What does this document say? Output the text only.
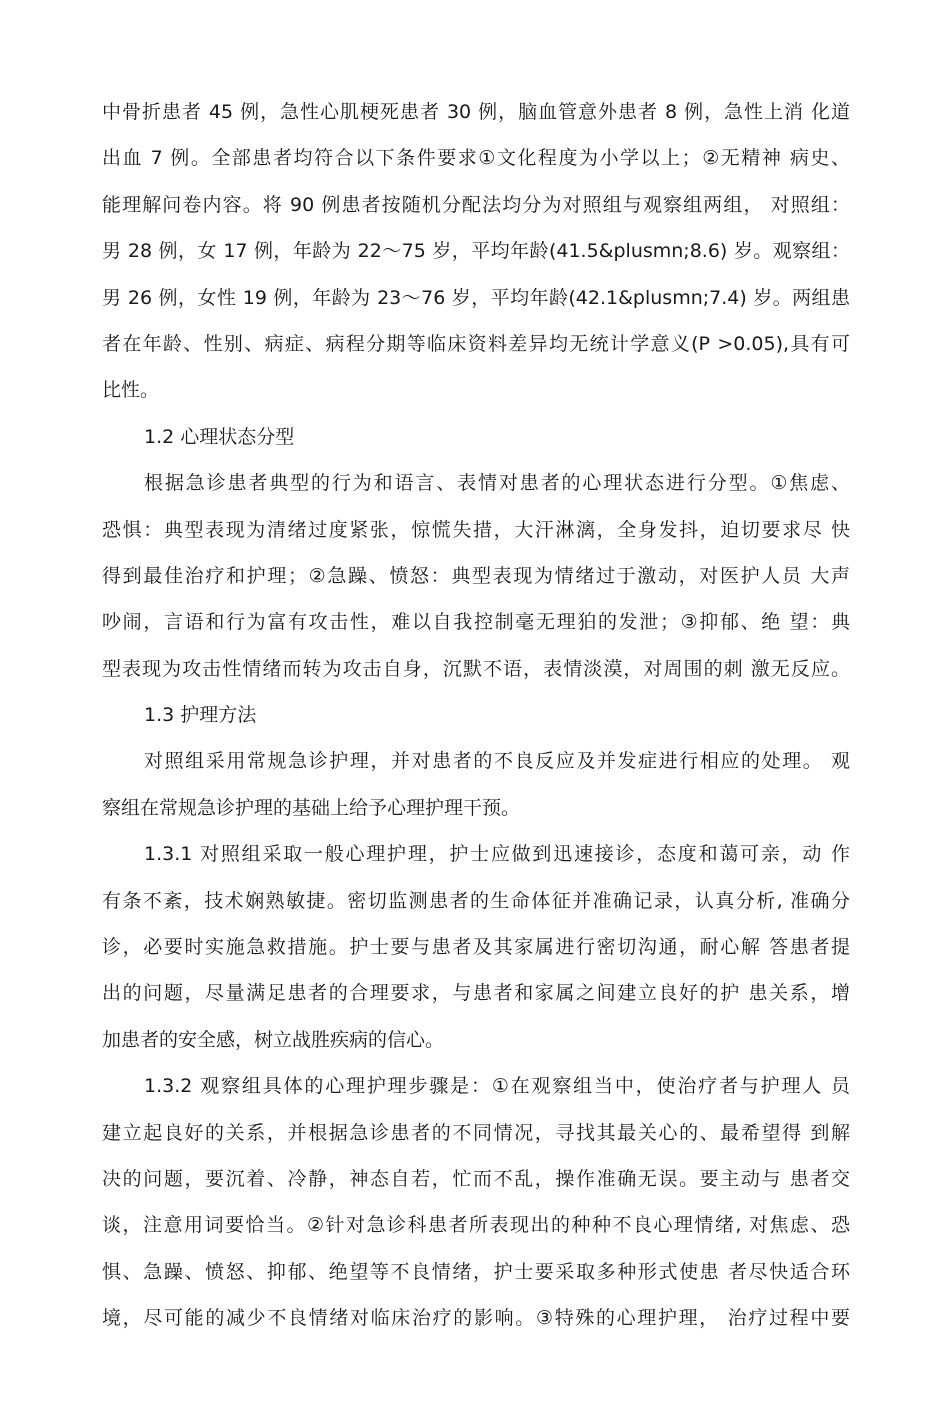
中骨折患者 45 例，急性心肌梗死患者 30 例，脑血管意外患者 8 例，急性上消 化道
出血 7 例。全部患者均符合以下条件要求①文化程度为小学以上；②无精神 病史、
能理解问卷内容。将 90 例患者按随机分配法均分为对照组与观察组两组， 对照组：
男 28 例，女 17 例，年龄为 22〜75 岁，平均年龄(41.5&plusmn;8.6) 岁。观察组：
男 26 例，女性 19 例，年龄为 23〜76 岁，平均年龄(42.1&plusmn;7.4) 岁。两组患
者在年龄、性别、病症、病程分期等临床资料差异均无统计学意义(P >0.05),具有可
比性。
1.2 心理状态分型
根据急诊患者典型的行为和语言、表情对患者的心理状态进行分型。①焦虑、
恐惧：典型表现为清绪过度紧张，惊慌失措，大汗淋漓，全身发抖，迫切要求尽 快
得到最佳治疗和护理；②急躁、愤怒：典型表现为情绪过于激动，对医护人员 大声
吵闹，言语和行为富有攻击性，难以自我控制毫无理狛的发泄；③抑郁、绝 望：典
型表现为攻击性情绪而转为攻击自身，沉默不语，表情淡漠，对周围的刺 激无反应。
1.3 护理方法
对照组采用常规急诊护理，并对患者的不良反应及并发症进行相应的处理。 观
察组在常规急诊护理的基础上给予心理护理干预。
1.3.1 对照组采取一般心理护理，护士应做到迅速接诊，态度和蔼可亲，动 作
有条不紊，技术娴熟敏捷。密切监测患者的生命体征并准确记录，认真分析, 准确分
诊，必要时实施急救措施。护士要与患者及其家属进行密切沟通，耐心解 答患者提
出的问题，尽量满足患者的合理要求，与患者和家属之间建立良好的护 患关系，增
加患者的安全感，树立战胜疾病的信心。
1.3.2 观察组具体的心理护理步骤是：①在观察组当中，使治疗者与护理人 员
建立起良好的关系，并根据急诊患者的不同情况，寻找其最关心的、最希望得 到解
决的问题，要沉着、冷静，神态自若，忙而不乱，操作准确无误。要主动与 患者交
谈，注意用词要恰当。②针对急诊科患者所表现出的种种不良心理情绪, 对焦虑、恐
惧、急躁、愤怒、抑郁、绝望等不良情绪，护士要采取多种形式使患 者尽快适合环
境，尽可能的减少不良情绪对临床治疗的影响。③特殊的心理护理， 治疗过程中要
